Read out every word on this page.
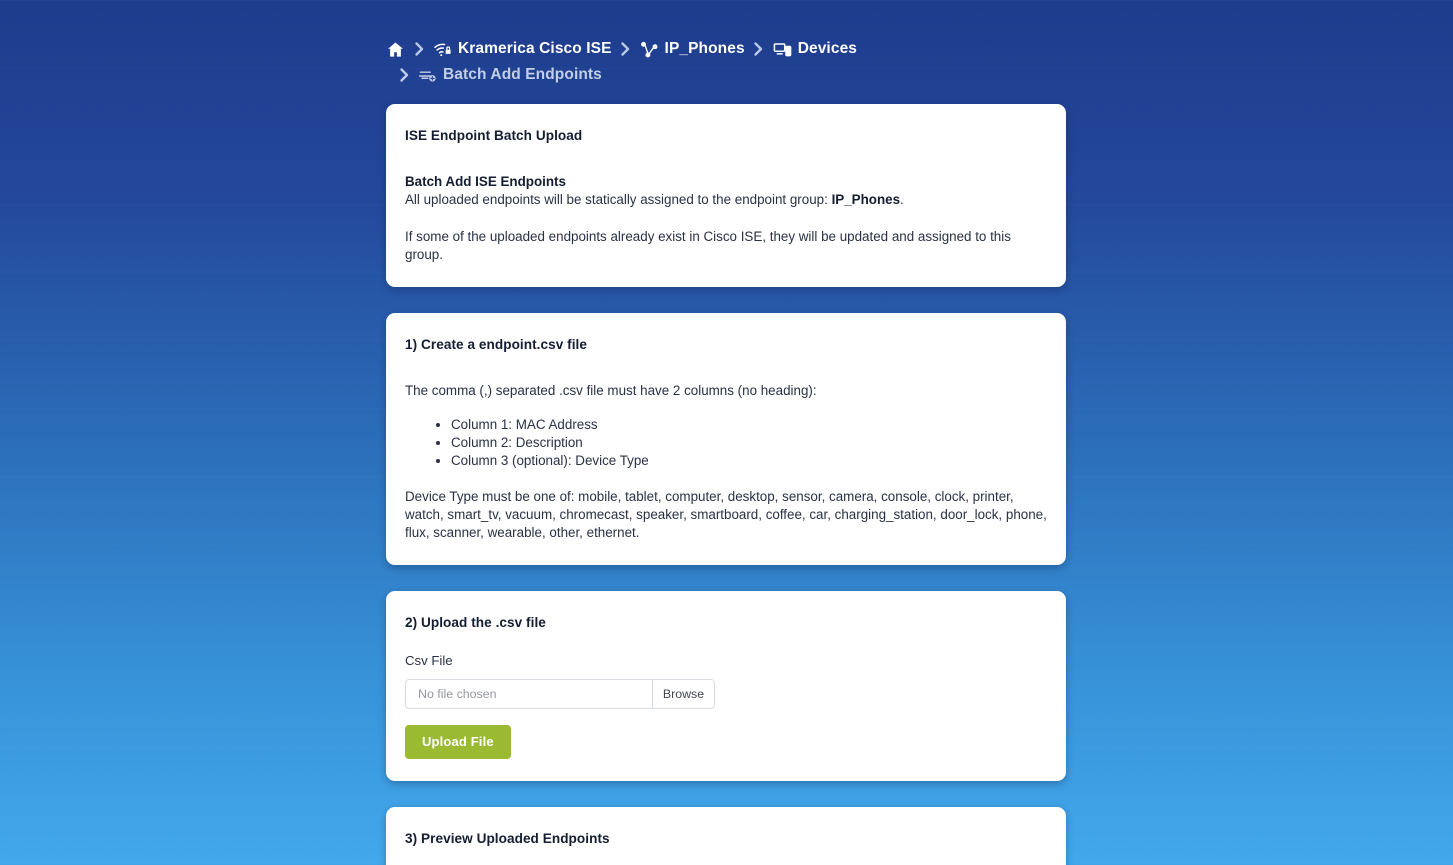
Kramerica Cisco ISE	IP_Phones	Devices
Batch Add Endpoints
ISE Endpoint Batch Upload
Batch Add ISE Endpoints
All uploaded endpoints will be statically assigned to the endpoint group: IP_Phones.
If some of the uploaded endpoints already exist in Cisco ISE, they will be updated and assigned to this group.
1) Create a endpoint.csv file
The comma (,) separated .csv file must have 2 columns (no heading):
• Column 1: MAC Address
• Column 2: Description
• Column 3 (optional): Device Type
Device Type must be one of: mobile, tablet, computer, desktop, sensor, camera, console, clock, printer, watch, smart_tv, vacuum, chromecast, speaker, smartboard, coffee, car, charging_station, door_lock, phone, flux, scanner, wearable, other, ethernet.
2) Upload the .csv file
Csv File
No file chosen	Browse
Upload File
3) Preview Uploaded Endpoints
